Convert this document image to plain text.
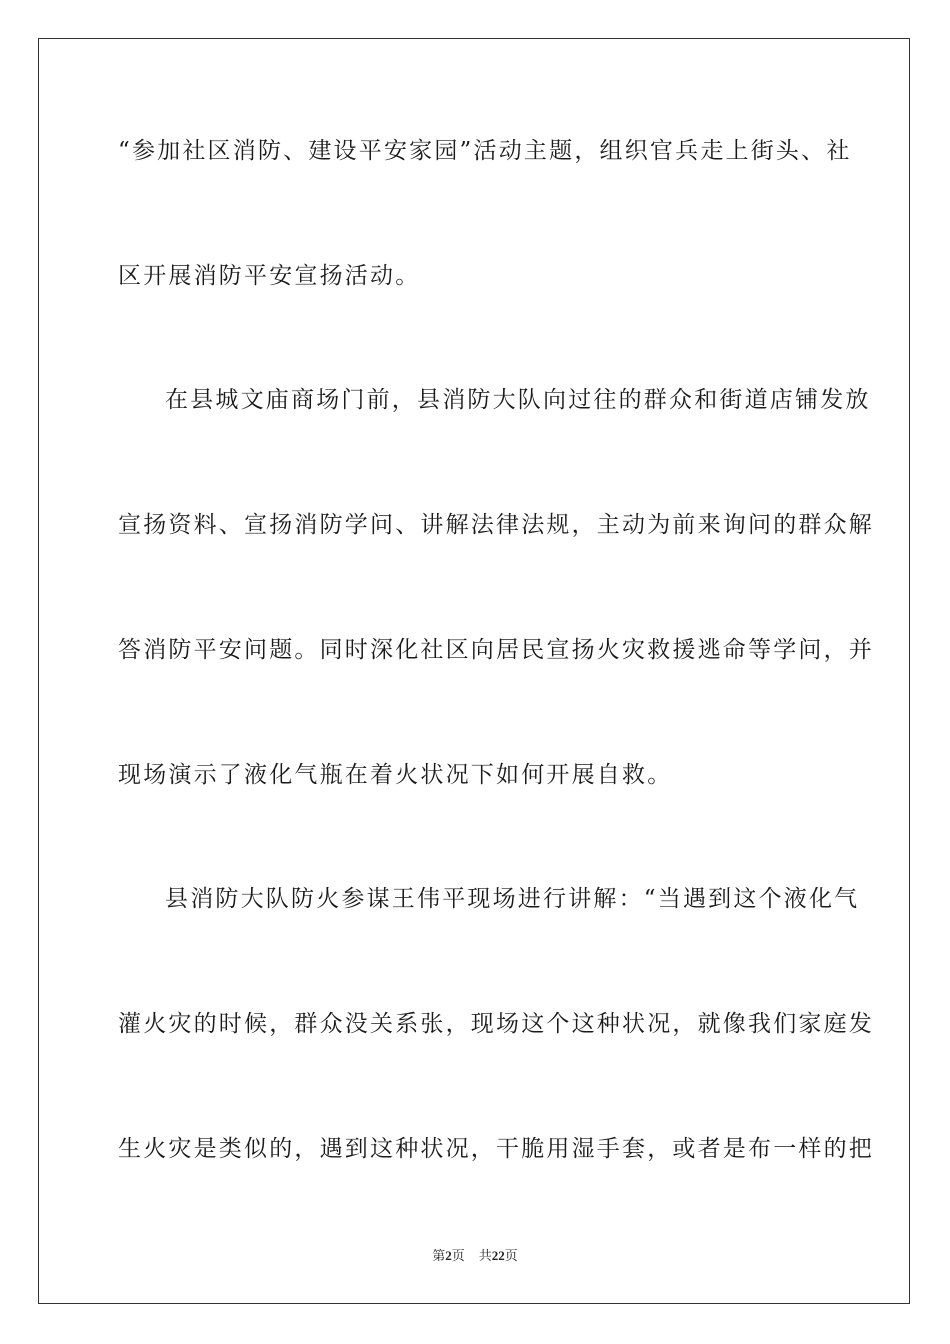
“参加社区消防、建设平安家园”活动主题，组织官兵走上街头、社

区开展消防平安宣扬活动。

在县城文庙商场门前，县消防大队向过往的群众和街道店铺发放

宣扬资料、宣扬消防学问、讲解法律法规，主动为前来询问的群众解

答消防平安问题。同时深化社区向居民宣扬火灾救援逃命等学问，并

现场演示了液化气瓶在着火状况下如何开展自救。

县消防大队防火参谋王伟平现场进行讲解：“当遇到这个液化气

灌火灾的时候，群众没关系张，现场这个这种状况，就像我们家庭发

生火灾是类似的，遇到这种状况，干脆用湿手套，或者是布一样的把

第2页 共22页
